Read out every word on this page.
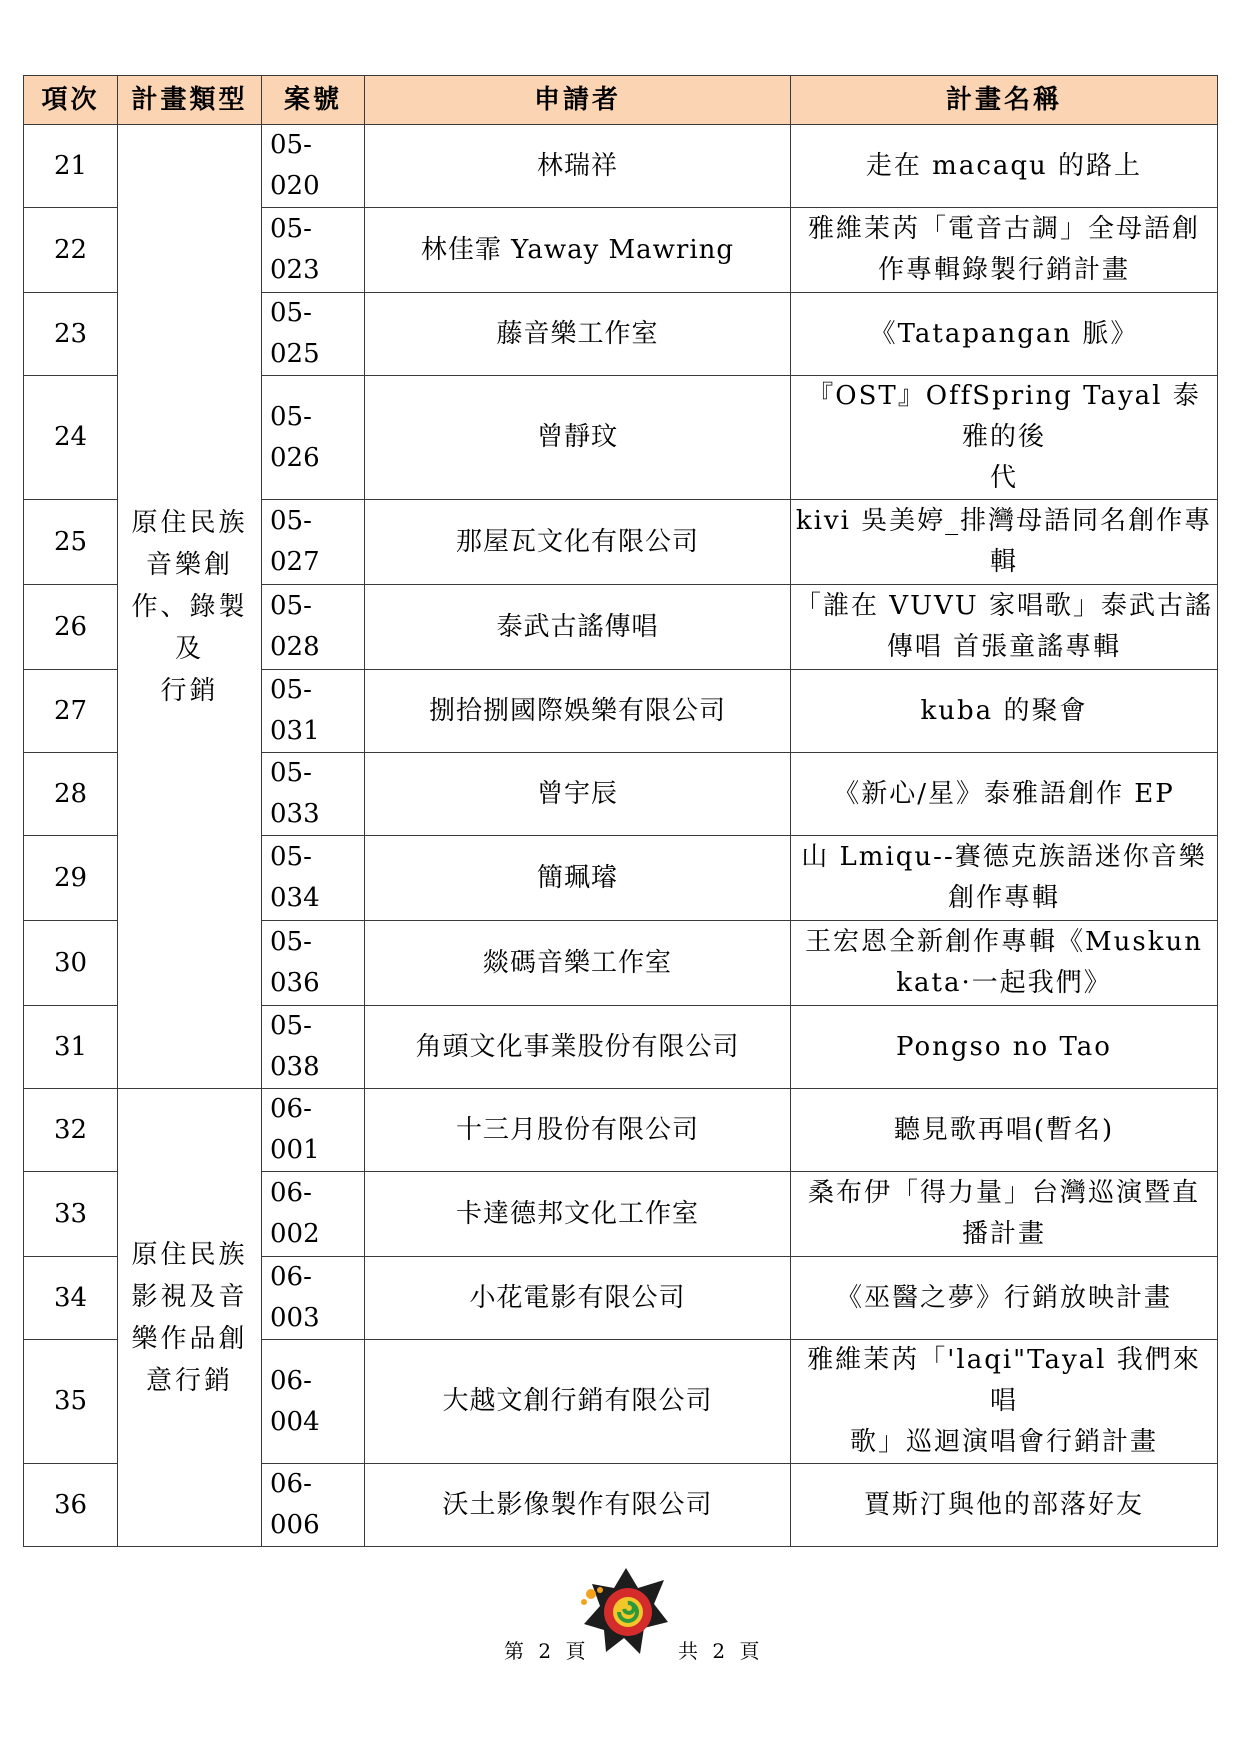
項次	計畫類型	案號	申請者	計畫名稱
21	原住民族
音樂創
作、錄製及
行銷	05-020	林瑞祥	走在 macaqu 的路上
22		05-023	林佳霏 Yaway Mawring	雅維茉芮「電音古調」全母語創
作專輯錄製行銷計畫
23		05-025	藤音樂工作室	《Tatapangan 脈》
24		05-026	曾靜玟	『OST』OffSpring Tayal 泰雅的後
代
25		05-027	那屋瓦文化有限公司	kivi 吳美婷_排灣母語同名創作專
輯
26		05-028	泰武古謠傳唱	「誰在 VUVU 家唱歌」泰武古謠
傳唱 首張童謠專輯
27		05-031	捌拾捌國際娛樂有限公司	kuba 的聚會
28		05-033	曾宇辰	《新心/星》泰雅語創作 EP
29		05-034	簡珮璿	山 Lmiqu--賽德克族語迷你音樂
創作專輯
30		05-036	燚碼音樂工作室	王宏恩全新創作專輯《Muskun
kata·一起我們》
31		05-038	角頭文化事業股份有限公司	Pongso no Tao
32	原住民族
影視及音
樂作品創
意行銷	06-001	十三月股份有限公司	聽見歌再唱(暫名)
33		06-002	卡達德邦文化工作室	桑布伊「得力量」台灣巡演暨直
播計畫
34		06-003	小花電影有限公司	《巫醫之夢》行銷放映計畫
35		06-004	大越文創行銷有限公司	雅維茉芮「'laqi"Tayal 我們來唱
歌」巡迴演唱會行銷計畫
36		06-006	沃土影像製作有限公司	賈斯汀與他的部落好友
第 2 頁	共 2 頁
